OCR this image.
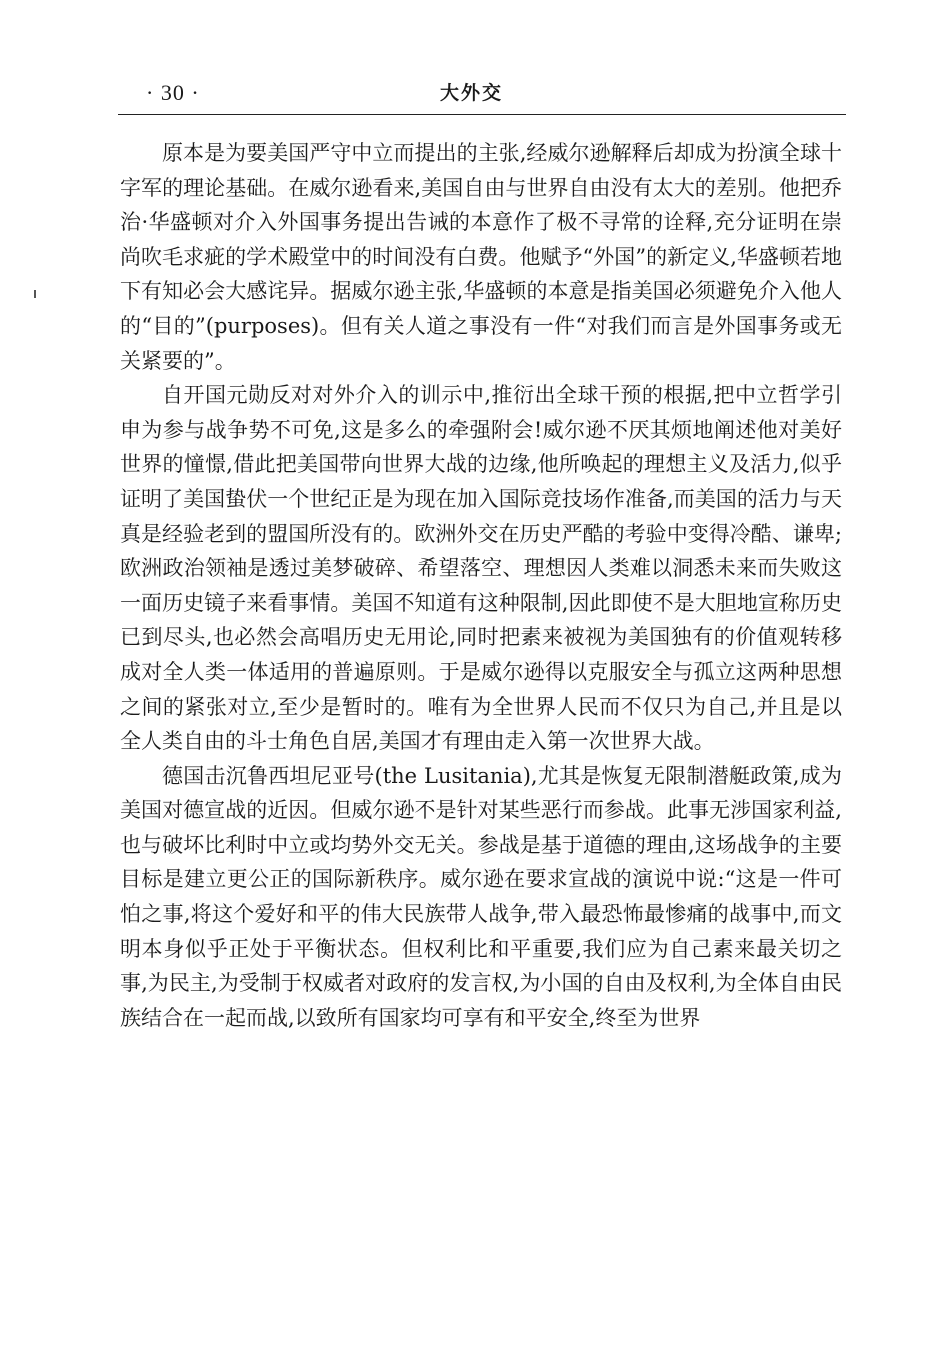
· 30 ·	大外交

原本是为要美国严守中立而提出的主张,经威尔逊解释后却成为扮演全球十字军的理论基础。在威尔逊看来,美国自由与世界自由没有太大的差别。他把乔治·华盛顿对介入外国事务提出告诫的本意作了极不寻常的诠释,充分证明在崇尚吹毛求疵的学术殿堂中的时间没有白费。他赋予“外国”的新定义,华盛顿若地下有知必会大感诧异。据威尔逊主张,华盛顿的本意是指美国必须避免介入他人的“目的”(purposes)。但有关人道之事没有一件“对我们而言是外国事务或无关紧要的”。

自开国元勋反对对外介入的训示中,推衍出全球干预的根据,把中立哲学引申为参与战争势不可免,这是多么的牵强附会!威尔逊不厌其烦地阐述他对美好世界的憧憬,借此把美国带向世界大战的边缘,他所唤起的理想主义及活力,似乎证明了美国蛰伏一个世纪正是为现在加入国际竞技场作准备,而美国的活力与天真是经验老到的盟国所没有的。欧洲外交在历史严酷的考验中变得冷酷、谦卑;欧洲政治领袖是透过美梦破碎、希望落空、理想因人类难以洞悉未来而失败这一面历史镜子来看事情。美国不知道有这种限制,因此即使不是大胆地宣称历史已到尽头,也必然会高唱历史无用论,同时把素来被视为美国独有的价值观转移成对全人类一体适用的普遍原则。于是威尔逊得以克服安全与孤立这两种思想之间的紧张对立,至少是暂时的。唯有为全世界人民而不仅只为自己,并且是以全人类自由的斗士角色自居,美国才有理由走入第一次世界大战。

德国击沉鲁西坦尼亚号(the Lusitania),尤其是恢复无限制潜艇政策,成为美国对德宣战的近因。但威尔逊不是针对某些恶行而参战。此事无涉国家利益,也与破坏比利时中立或均势外交无关。参战是基于道德的理由,这场战争的主要目标是建立更公正的国际新秩序。威尔逊在要求宣战的演说中说:“这是一件可怕之事,将这个爱好和平的伟大民族带人战争,带入最恐怖最惨痛的战事中,而文明本身似乎正处于平衡状态。但权利比和平重要,我们应为自己素来最关切之事,为民主,为受制于权威者对政府的发言权,为小国的自由及权利,为全体自由民族结合在一起而战,以致所有国家均可享有和平安全,终至为世界
